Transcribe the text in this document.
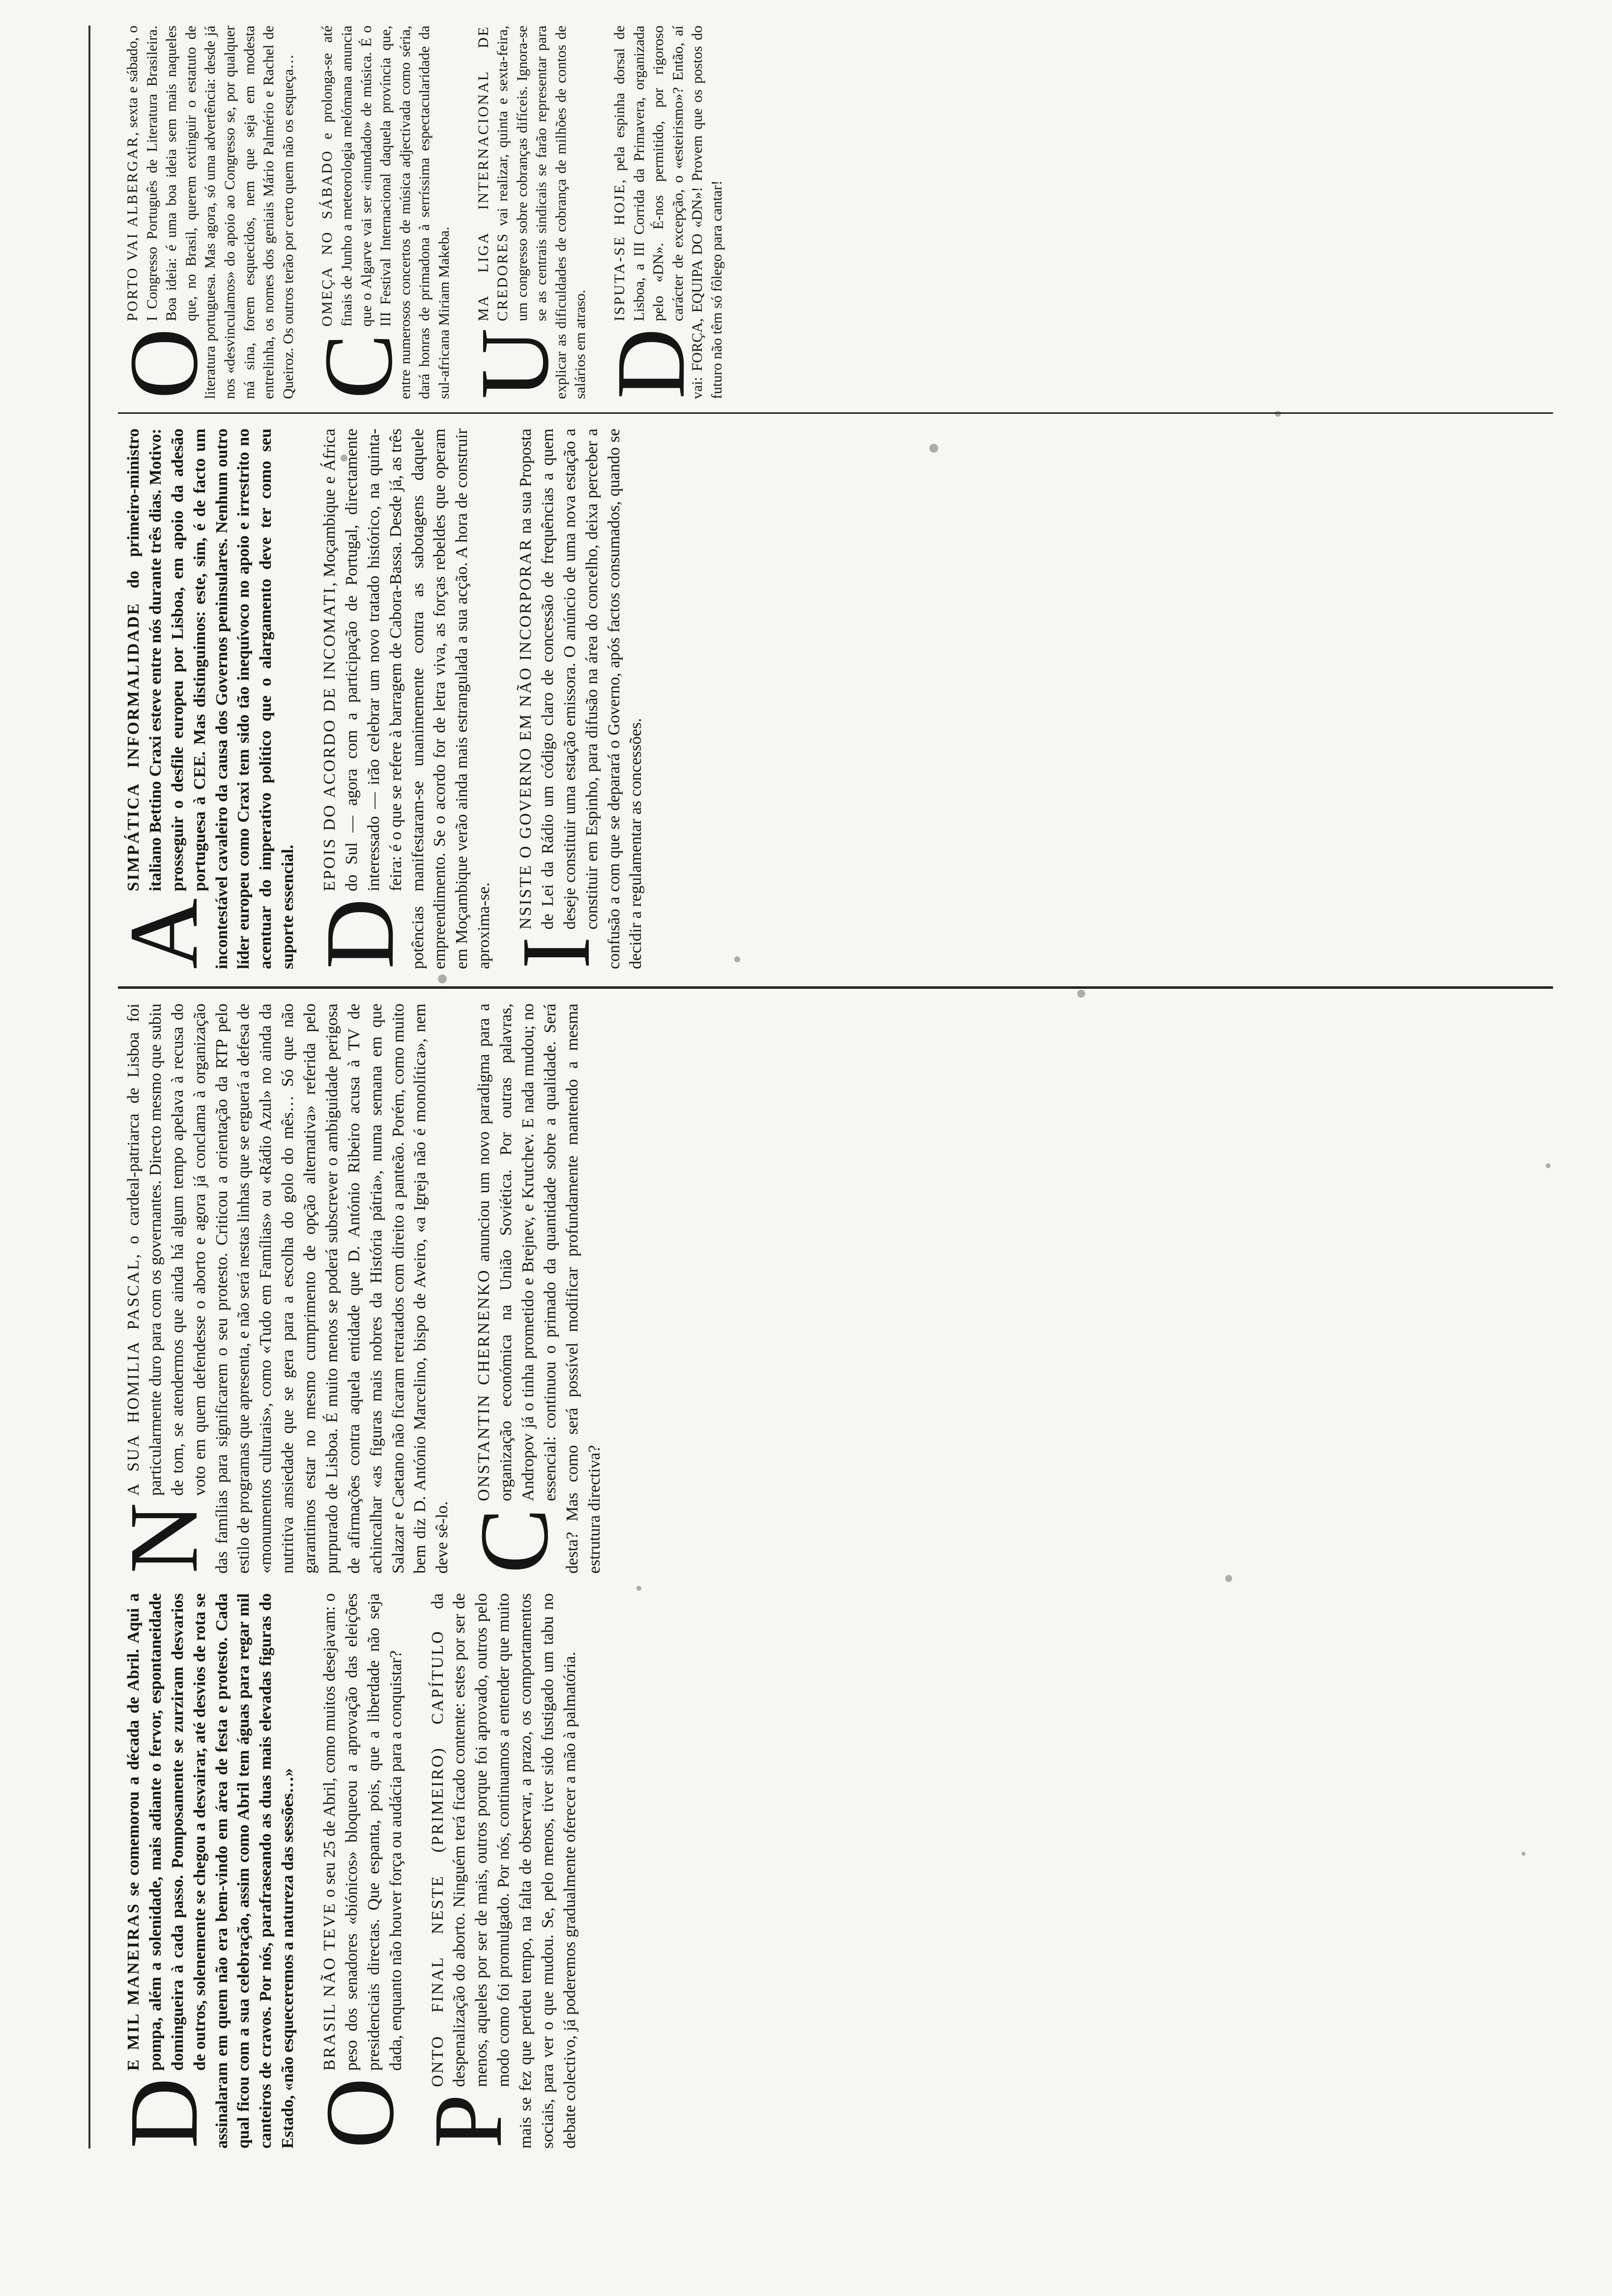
D
E MIL MANEIRAS se comemorou a década de Abril. Aqui a pompa, além a solenidade, mais adiante o fervor, espontaneidade domingueira à cada passo. Pomposamente se zurziram desvarios de outros, solenemente se chegou a desvairar, até desvios de rota se assinalaram em quem não era bem-vindo em área de festa e protesto. Cada qual ficou com a sua celebração, assim como Abril tem águas para regar mil canteiros de cravos. Por nós, parafraseando as duas mais elevadas figuras do Estado, «não esqueceremos a natureza das sessões…» O
BRASIL NÃO TEVE o seu 25 de Abril, como muitos desejavam: o peso dos senadores «biónicos» bloqueou a aprovação das eleições presidenciais directas. Que espanta, pois, que a liberdade não seja dada, enquanto não houver força ou audácia para a conquistar?

P
ONTO FINAL NESTE (PRIMEIRO) CAPÍTULO da despenalização do aborto. Ninguém terá ficado contente: estes por ser de menos, aqueles por ser de mais, outros porque foi aprovado, outros pelo modo como foi promulgado. Por nós, continuamos a entender que muito mais se fez que perdeu tempo, na falta de observar, a prazo, os comportamentos sociais, para ver o que mudou. Se, pelo menos, tiver sido fustigado um tabu no debate colectivo, já poderemos gradualmente oferecer a mão à palmatória.

N
A SUA HOMILIA PASCAL, o cardeal-patriarca de Lisboa foi particularmente duro para com os governantes. Directo mesmo que subiu de tom, se atendermos que ainda há algum tempo apelava à recusa do voto em quem defendesse o aborto e agora já conclama à organização das famílias para significarem o seu protesto. Criticou a orientação da RTP pelo estilo de programas que apresenta, e não será nestas linhas que se erguerá a defesa de «monumentos culturais», como «Tudo em Famílias» ou «Rádio Azul» no ainda da nutritiva ansiedade que se gera para a escolha do golo do mês… Só que não garantimos estar no mesmo cumprimento de opção alternativa» referida pelo purpurado de Lisboa. É muito menos se poderá subscrever o ambiguidade perigosa de afirmações contra aquela entidade que D. António Ribeiro acusa à TV de achincalhar «as figuras mais nobres da História pátria», numa semana em que Salazar e Caetano não ficaram retratados com direito a panteão. Porém, como muito bem diz D. António Marcelino, bispo de Aveiro, «a Igreja não é monolítica», nem deve sê-lo. C
ONSTANTIN CHERNENKO anunciou um novo paradigma para a organização económica na União Soviética. Por outras palavras, Andropov já o tinha prometido e Brejnev, e Krutchev. E nada mudou; no essencial: continuou o primado da quantidade sobre a qualidade. Será desta? Mas como será possível modificar profundamente mantendo a mesma estrutura directiva?

A
SIMPÁTICA INFORMALIDADE do primeiro-ministro italiano Bettino Craxi esteve entre nós durante três dias. Motivo: prosseguir o desfile europeu por Lisboa, em apoio da adesão portuguesa à CEE. Mas distinguimos: este, sim, é de facto um incontestável cavaleiro da causa dos Governos peninsulares. Nenhum outro líder europeu como Craxi tem sido tão inequívoco no apoio e irrestrito no acentuar do imperativo político que o alargamento deve ter como seu suporte essencial. D
EPOIS DO ACORDO DE INCOMATI, Moçambique e África do Sul — agora com a participação de Portugal, directamente interessado — irão celebrar um novo tratado histórico, na quinta-feira: é o que se refere à barragem de Cabora-Bassa. Desde já, as três potências manifestaram-se unanimemente contra as sabotagens daquele empreendimento. Se o acordo for de letra viva, as forças rebeldes que operam em Moçambique verão ainda mais estrangulada a sua acção. A hora de construir aproxima-se. I
NSISTE O GOVERNO EM NÃO INCORPORAR na sua Proposta de Lei da Rádio um código claro de concessão de frequências a quem deseje constituir uma estação emissora. O anúncio de uma nova estação a constituir em Espinho, para difusão na área do concelho, deixa perceber a confusão a com que se deparará o Governo, após factos consumados, quando se decidir a regulamentar as concessões.

O
PORTO VAI ALBERGAR, sexta e sábado, o I Congresso Português de Literatura Brasileira. Boa ideia: é uma boa ideia sem mais naqueles que, no Brasil, querem extinguir o estatuto de literatura portuguesa. Mas agora, só uma advertência: desde já nos «desvinculamos» do apoio ao Congresso se, por qualquer má sina, forem esquecidos, nem que seja em modesta entrelinha, os nomes dos geniais Mário Palmério e Rachel de Queiroz. Os outros terão por certo quem não os esqueça… C
OMEÇA NO SÁBADO e prolonga-se até finais de Junho a meteorologia melómana anuncia que o Algarve vai ser «inundado» de música. É o III Festival Internacional daquela província que, entre numerosos concertos de música adjectivada como séria, dará honras de primadona à serríssima espectacularidade da sul-africana Miriam Makeba. U
MA LIGA INTERNACIONAL DE CREDORES vai realizar, quinta e sexta-feira, um congresso sobre cobranças difíceis. Ignora-se se as centrais sindicais se farão representar para explicar as dificuldades de cobrança de milhões de contos de salários em atraso. D
ISPUTA-SE HOJE, pela espinha dorsal de Lisboa, a III Corrida da Primavera, organizada pelo «DN». É-nos permitido, por rigoroso carácter de excepção, o «esteirismo»? Então, aí vai: FORÇA, EQUIPA DO «DN»! Provem que os postos do futuro não têm só fôlego para cantar!
